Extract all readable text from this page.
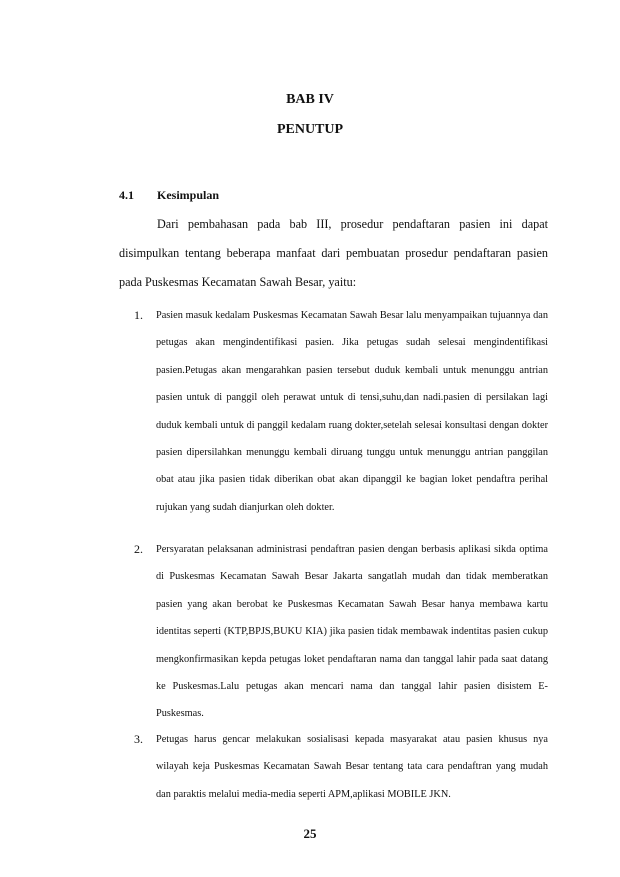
BAB IV
PENUTUP
4.1 Kesimpulan

Dari pembahasan pada bab III, prosedur pendaftaran pasien ini dapat disimpulkan tentang beberapa manfaat dari pembuatan prosedur pendaftaran pasien pada Puskesmas Kecamatan Sawah Besar, yaitu:

1. Pasien masuk kedalam Puskesmas Kecamatan Sawah Besar lalu menyampaikan tujuannya dan petugas akan mengindentifikasi pasien. Jika petugas sudah selesai mengindentifikasi pasien.Petugas akan mengarahkan pasien tersebut duduk kembali untuk menunggu antrian pasien untuk di panggil oleh perawat untuk di tensi,suhu,dan nadi.pasien di persilakan lagi duduk kembali untuk di panggil kedalam ruang dokter,setelah selesai konsultasi dengan dokter pasien dipersilahkan menunggu kembali diruang tunggu untuk menunggu antrian panggilan obat atau jika pasien tidak diberikan obat akan dipanggil ke bagian loket pendaftra perihal rujukan yang sudah dianjurkan oleh dokter.

2. Persyaratan pelaksanan administrasi pendaftran pasien dengan berbasis aplikasi sikda optima di Puskesmas Kecamatan Sawah Besar Jakarta sangatlah mudah dan tidak memberatkan pasien yang akan berobat ke Puskesmas Kecamatan Sawah Besar hanya membawa kartu identitas seperti (KTP,BPJS,BUKU KIA) jika pasien tidak membawak indentitas pasien cukup mengkonfirmasikan kepda petugas loket pendaftaran nama dan tanggal lahir pada saat datang ke Puskesmas.Lalu petugas akan mencari nama dan tanggal lahir pasien disistem E-Puskesmas.

3. Petugas harus gencar melakukan sosialisasi kepada masyarakat atau pasien khusus nya wilayah keja Puskesmas Kecamatan Sawah Besar tentang tata cara pendaftran yang mudah dan paraktis melalui media-media seperti APM,aplikasi MOBILE JKN.

25
